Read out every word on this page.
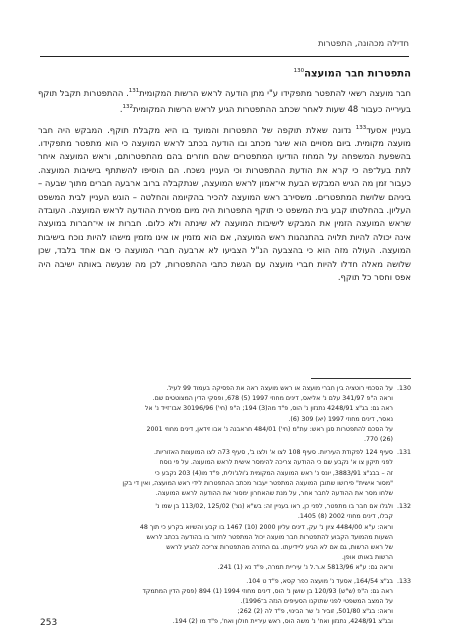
חדילה מכהונה, התפטרות
התפטרות חבר המועצה$^{130}$

חבר מועצה רשאי להתפטר מתפקידו ע"י מתן הודעה לראש הרשות המקומית$^{131}$. ההתפטרות תקבל תוקף בעירייה כעבור 48 שעות לאחר שכתב ההתפטרות הגיע לראש הרשות המקומית$^{132}$.

בעניין אסעד$^{133}$ נדונה שאלת תוקפה של התפטרות והמועד בו היא מקבלת תוקף. המבקש היה חבר מועצה מקומית. ביום מסויים הוא שיגר מכתב ובו הודעה בכתב לראש המועצה כי הוא מתפטר מתפקידו. בהשפעת המשפחה על המחוז הודיעו המתפטרים שהם חוזרים בהם מהתפטרותם, וראש המועצה איחר לתת בעל־פה כי קרא את הודעת ההתפטרות וכי העניין נשכח. הם הוסיפו להשתתף בישיבות המועצה. כעבור זמן מה הגיש המבקש הבעת אי־אמון לראש המועצה, שנתקבלה ברוב ארבעה חברים מתוך שבעה – ביניהם שלושת המתפטרים. משסירב ראש המועצה להכיר בהקיומה והחלטה – הוגש העניין לבית המשפט העליון. בהחלטתו קבע בית המשפט כי תוקף התפטרות היה מיום מסירת ההודעה לראש המועצה. העובדה שראש המועצה הזמין את המבקש לישיבות המועצה לא שינתה ולא כלום. חברות או אי־חברות במועצה אינה יכולה להיות תלויה בהתנהגות ראש המועצה, אם הוא מזמין או אינו מזמין מישהו להיות נוכח בישיבות המועצה. העולה מזה הוא כי בהצבעה הנ"ל הצביעו לא ארבעה חברי המועצה כי אם אחד בלבד, שכן שלושה מאלה חדלו להיות חברי מועצה עם הגשת כתבי ההתפטרות, לכן מה שנעשה באותה ישיבה היה אפס וחסר כל תוקף.

130.
על הסכמי רוטציה בין חברי מועצה או ראש מועצה ראה את הפסיקה בעמוד 99 לעיל.
וראה ה"פ 341/97 עלם נ' אליאס, דינים מחוזי 1997 (5) 678, ופסקי הדין המצוטטים שם.
ראה גם: בג"צ 4248/91 נתנזון נ' הוס, פ"ד מה(3) 194; ה"פ (חי') 30196/96 אבו־זייד נ' אל
נאסר, דינים מחוזי 1997 (יא) 309 (6).
על הסכם להתפטרות סגן ראש: עת"מ (חי') 484/01 חראבנה נ' אבו זידאן, דינים מחוזי 2001
(26) 770.
131.
סעיף 124 לפקודת העיריות. סעיף 108 לצו א' ולצו ב', סעיף 73ה לצו המועצות האזוריות.
לפני תיקון צו א' נקבע שם כי ההודעה צריכה להימסר אישית לראש המועצה. על פי נוסח
זה – בבג"צ 3883/91, יונס נ' ראש המועצה המקומית ג'ולג'ולית, פ"ד מו(4) 203 נקבע כי
"מסור אישית" פירושו שתובן המועצה המתפטר יעבור מכתב ההתפטרות לידי ראש המועצה, ואין די בקן
שלחו מסר את ההודעה לחבר אחר, על מנת שהאחרון ימסור את ההודעה לראש המועצה.
132.
ולגלו אם חבר בו מתפטר, לפני כן, ראו בעניין זה: בש"א (נצ') 125/02 ,113/02 בן שמו נ'
קבלו, דינים מחוזי 2002 (8) 1405.
וראה: ע"א 4484/00 ציון נ' עק, דינים עליון 2000 (10) 1467 בו קבע והשיוא בקרע כי תוך 48
השעות מהמועד הקבוע להתפטרות חבר מועצה יכול המתפטר לחזור בו בהודעה בכתב לראש
של ראש הרשות, גם אם לא הגיע ליידיעתו. גם החזרה מהתפטרות צריכה להגיע לראש
הרשות באותו אופן.
וראה גם: ע"א 5813/96 א.ר.ל נ' עיריית תמרה, פ"ד נא (1) 241.
133.
בג"צ 164/54, אסעד נ' מועצה כפר קסא, פ"ד ט 104.
ראה גם: ה"פ (ש"ש) 120/93 בן שושן נ' הוס, דינים מחוזי 1994 (1) 894 (פסק הדין המתמקד
על המצב המשפטי לפני שתוקנו הסעיפים הנזה ב־1996).
וראה: בג"צ 501/80, זוביר נ' שר הבינוי, פ"ד לה (2) 262;
ובג"צ 4248/91, נתנזון ואח' נ' משה הוס, ראש עיריית חולון ואח', פ"ד מו (2) 194.
253
